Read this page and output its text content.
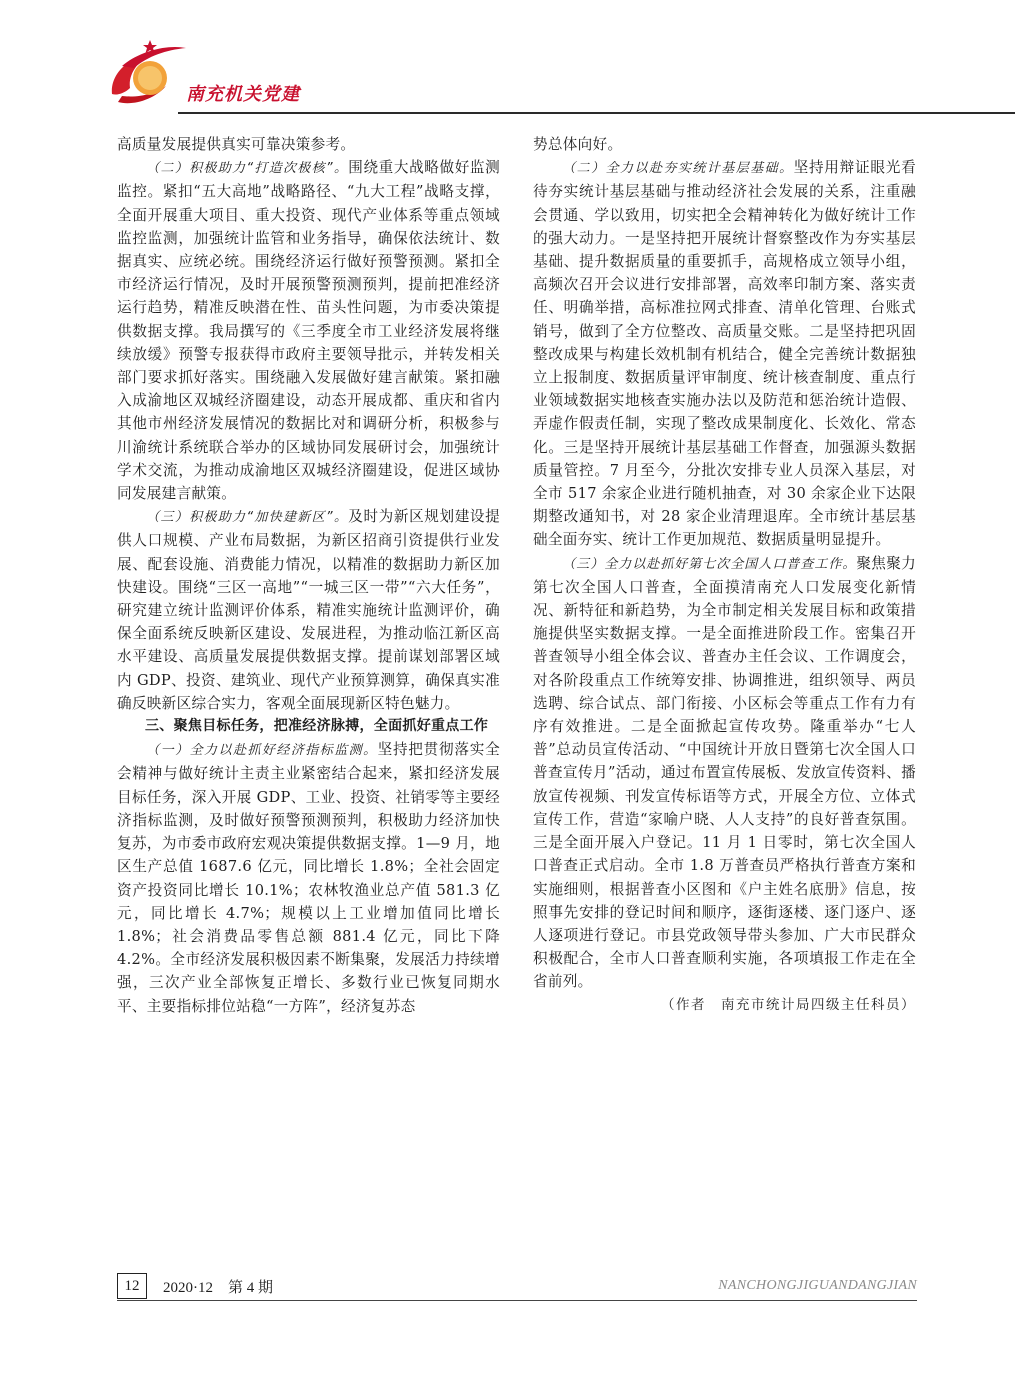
南充机关党建

高质量发展提供真实可靠决策参考。

（二）积极助力“打造次极核”。围绕重大战略做好监测监控。紧扣“五大高地”战略路径、“九大工程”战略支撑，全面开展重大项目、重大投资、现代产业体系等重点领域监控监测，加强统计监管和业务指导，确保依法统计、数据真实、应统必统。围绕经济运行做好预警预测。紧扣全市经济运行情况，及时开展预警预测预判，提前把准经济运行趋势，精准反映潜在性、苗头性问题，为市委决策提供数据支撑。我局撰写的《三季度全市工业经济发展将继续放缓》预警专报获得市政府主要领导批示，并转发相关部门要求抓好落实。围绕融入发展做好建言献策。紧扣融入成渝地区双城经济圈建设，动态开展成都、重庆和省内其他市州经济发展情况的数据比对和调研分析，积极参与川渝统计系统联合举办的区域协同发展研讨会，加强统计学术交流，为推动成渝地区双城经济圈建设，促进区域协同发展建言献策。

（三）积极助力“加快建新区”。及时为新区规划建设提供人口规模、产业布局数据，为新区招商引资提供行业发展、配套设施、消费能力情况，以精准的数据助力新区加快建设。围绕“三区一高地”“一城三区一带”“六大任务”，研究建立统计监测评价体系，精准实施统计监测评价，确保全面系统反映新区建设、发展进程，为推动临江新区高水平建设、高质量发展提供数据支撑。提前谋划部署区域内 GDP、投资、建筑业、现代产业预算测算，确保真实准确反映新区综合实力，客观全面展现新区特色魅力。

三、聚焦目标任务，把准经济脉搏，全面抓好重点工作

（一）全力以赴抓好经济指标监测。坚持把贯彻落实全会精神与做好统计主责主业紧密结合起来，紧扣经济发展目标任务，深入开展 GDP、工业、投资、社销零等主要经济指标监测，及时做好预警预测预判，积极助力经济加快复苏，为市委市政府宏观决策提供数据支撑。1—9 月，地区生产总值 1687.6 亿元，同比增长 1.8%；全社会固定资产投资同比增长 10.1%；农林牧渔业总产值 581.3 亿元，同比增长 4.7%；规模以上工业增加值同比增长 1.8%；社会消费品零售总额 881.4 亿元，同比下降 4.2%。全市经济发展积极因素不断集聚，发展活力持续增强，三次产业全部恢复正增长、多数行业已恢复同期水平、主要指标排位站稳“一方阵”，经济复苏态

势总体向好。

（二）全力以赴夯实统计基层基础。坚持用辩证眼光看待夯实统计基层基础与推动经济社会发展的关系，注重融会贯通、学以致用，切实把全会精神转化为做好统计工作的强大动力。一是坚持把开展统计督察整改作为夯实基层基础、提升数据质量的重要抓手，高规格成立领导小组，高频次召开会议进行安排部署，高效率印制方案、落实责任、明确举措，高标准拉网式排查、清单化管理、台账式销号，做到了全方位整改、高质量交账。二是坚持把巩固整改成果与构建长效机制有机结合，健全完善统计数据独立上报制度、数据质量评审制度、统计核查制度、重点行业领域数据实地核查实施办法以及防范和惩治统计造假、弄虚作假责任制，实现了整改成果制度化、长效化、常态化。三是坚持开展统计基层基础工作督查，加强源头数据质量管控。7 月至今，分批次安排专业人员深入基层，对全市 517 余家企业进行随机抽查，对 30 余家企业下达限期整改通知书，对 28 家企业清理退库。全市统计基层基础全面夯实、统计工作更加规范、数据质量明显提升。

（三）全力以赴抓好第七次全国人口普查工作。聚焦聚力第七次全国人口普查，全面摸清南充人口发展变化新情况、新特征和新趋势，为全市制定相关发展目标和政策措施提供坚实数据支撑。一是全面推进阶段工作。密集召开普查领导小组全体会议、普查办主任会议、工作调度会，对各阶段重点工作统筹安排、协调推进，组织领导、两员选聘、综合试点、部门衔接、小区标会等重点工作有力有序有效推进。二是全面掀起宣传攻势。隆重举办“七人普”总动员宣传活动、“中国统计开放日暨第七次全国人口普查宣传月”活动，通过布置宣传展板、发放宣传资料、播放宣传视频、刊发宣传标语等方式，开展全方位、立体式宣传工作，营造“家喻户晓、人人支持”的良好普查氛围。三是全面开展入户登记。11 月 1 日零时，第七次全国人口普查正式启动。全市 1.8 万普查员严格执行普查方案和实施细则，根据普查小区图和《户主姓名底册》信息，按照事先安排的登记时间和顺序，逐街逐楼、逐门逐户、逐人逐项进行登记。市县党政领导带头参加、广大市民群众积极配合，全市人口普查顺利实施，各项填报工作走在全省前列。

（作者　南充市统计局四级主任科员）

12	2020·12　第 4 期	NANCHONGJIGUANDANGJIAN
